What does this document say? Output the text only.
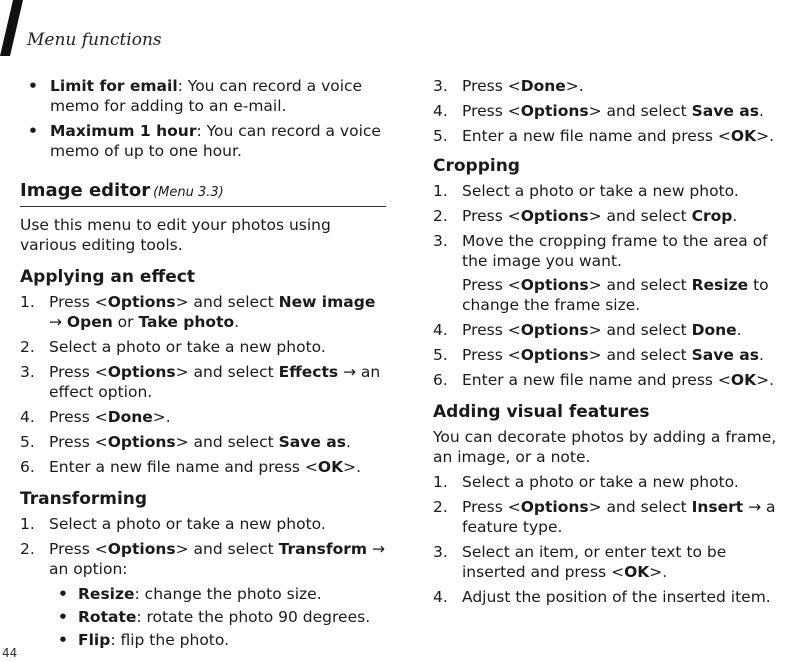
Menu functions

• Limit for email: You can record a voice memo for adding to an e-mail.

• Maximum 1 hour: You can record a voice memo of up to one hour.

Image editor (Menu 3.3)

Use this menu to edit your photos using various editing tools.

Applying an effect

1. Press <Options> and select New image → Open or Take photo.

2. Select a photo or take a new photo.

3. Press <Options> and select Effects → an effect option.

4. Press <Done>.

5. Press <Options> and select Save as.

6. Enter a new file name and press <OK>.

Transforming

1. Select a photo or take a new photo.

2. Press <Options> and select Transform → an option:

• Resize: change the photo size.

• Rotate: rotate the photo 90 degrees.

• Flip: flip the photo.

3. Press <Done>.

4. Press <Options> and select Save as.

5. Enter a new file name and press <OK>.

Cropping

1. Select a photo or take a new photo.

2. Press <Options> and select Crop.

3. Move the cropping frame to the area of the image you want.

Press <Options> and select Resize to change the frame size.

4. Press <Options> and select Done.

5. Press <Options> and select Save as.

6. Enter a new file name and press <OK>.

Adding visual features

You can decorate photos by adding a frame, an image, or a note.

1. Select a photo or take a new photo.

2. Press <Options> and select Insert → a feature type.

3. Select an item, or enter text to be inserted and press <OK>.

4. Adjust the position of the inserted item.

44
